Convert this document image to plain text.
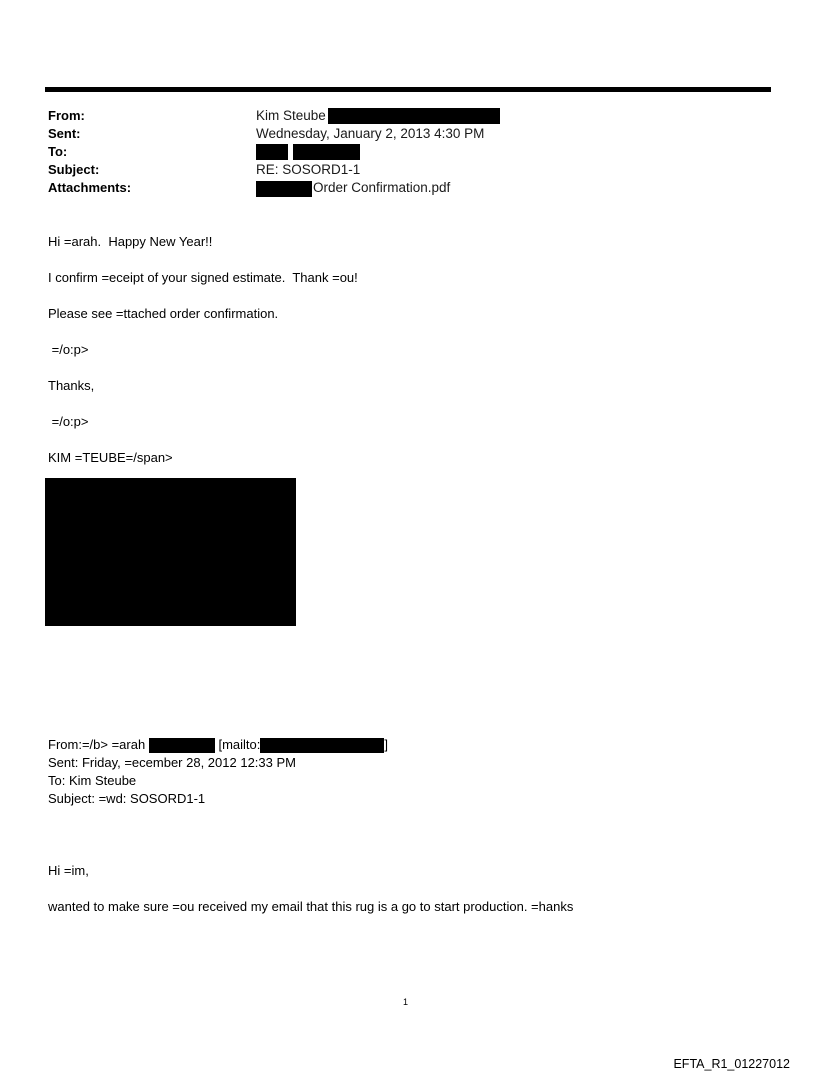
From:
Sent:
To:
Subject:
Attachments:
Kim Steube
Wednesday, January 2, 2013 4:30 PM
RE: SOSORD1-1
Order Confirmation.pdf
Hi =arah.  Happy New Year!!
I confirm =eceipt of your signed estimate.  Thank =ou!
Please see =ttached order confirmation.
=/o:p>
Thanks,
=/o:p>
KIM =TEUBE=/span>
From:=/b> =arah	[mailto:	]
Sent: Friday, =ecember 28, 2012 12:33 PM
To: Kim Steube
Subject: =wd: SOSORD1-1
Hi =im,
wanted to make sure =ou received my email that this rug is a go to start production. =hanks
1
EFTA_R1_01227012
